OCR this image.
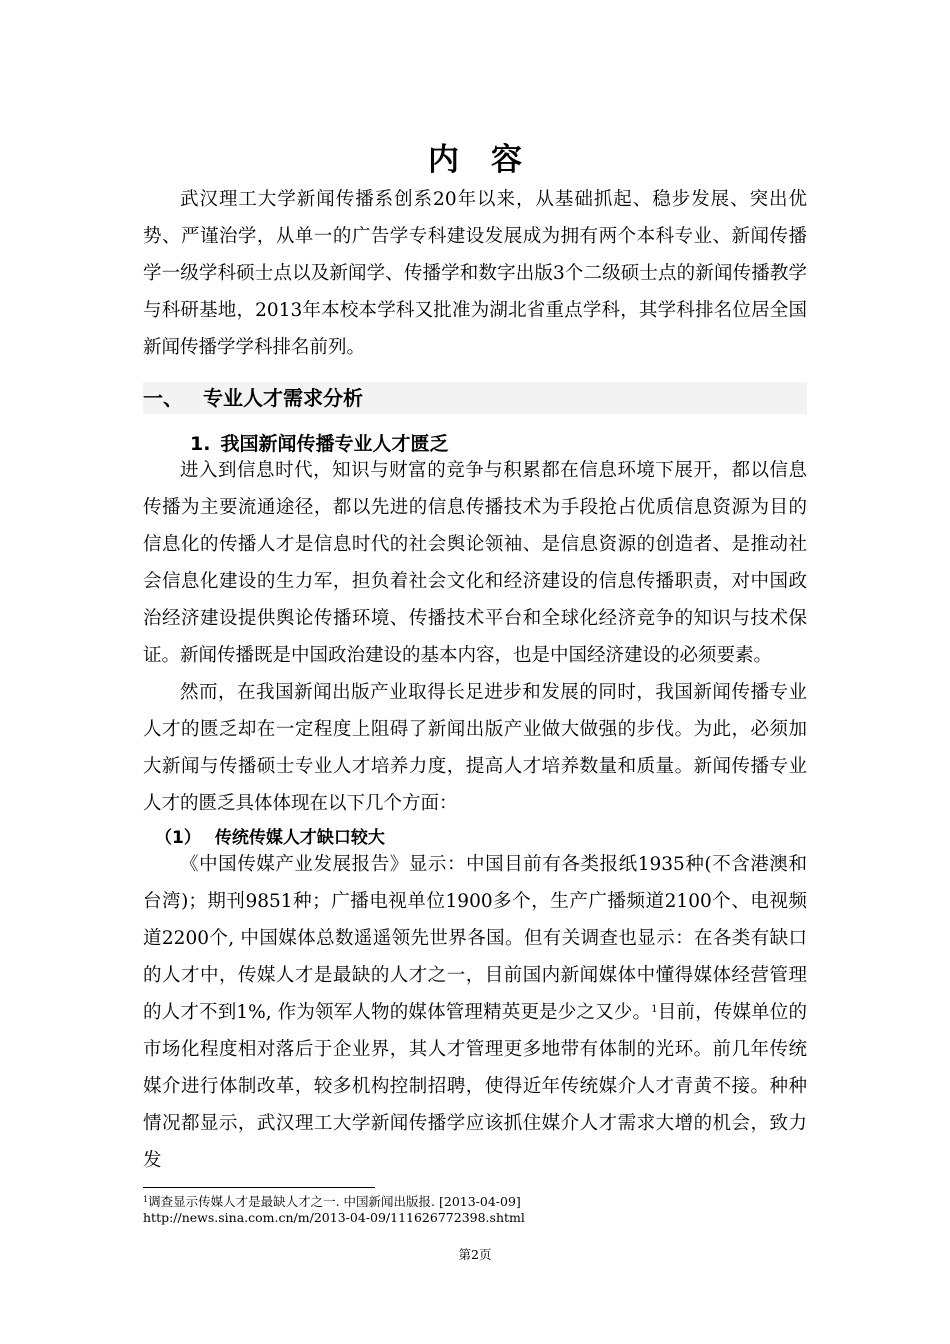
内容

武汉理工大学新闻传播系创系20年以来，从基础抓起、稳步发展、突出优势、严谨治学，从单一的广告学专科建设发展成为拥有两个本科专业、新闻传播学一级学科硕士点以及新闻学、传播学和数字出版3个二级硕士点的新闻传播教学与科研基地，2013年本校本学科又批准为湖北省重点学科，其学科排名位居全国新闻传播学学科排名前列。

一、 专业人才需求分析
1. 我国新闻传播专业人才匮乏

进入到信息时代，知识与财富的竞争与积累都在信息环境下展开，都以信息传播为主要流通途径，都以先进的信息传播技术为手段抢占优质信息资源为目的信息化的传播人才是信息时代的社会舆论领袖、是信息资源的创造者、是推动社会信息化建设的生力军，担负着社会文化和经济建设的信息传播职责，对中国政治经济建设提供舆论传播环境、传播技术平台和全球化经济竞争的知识与技术保证。新闻传播既是中国政治建设的基本内容，也是中国经济建设的必须要素。

然而，在我国新闻出版产业取得长足进步和发展的同时，我国新闻传播专业人才的匮乏却在一定程度上阻碍了新闻出版产业做大做强的步伐。为此，必须加大新闻与传播硕士专业人才培养力度，提高人才培养数量和质量。新闻传播专业人才的匮乏具体体现在以下几个方面：

（1） 传统传媒人才缺口较大

《中国传媒产业发展报告》显示：中国目前有各类报纸1935种(不含港澳和台湾)；期刊9851种；广播电视单位1900多个，生产广播频道2100个、电视频道2200个, 中国媒体总数遥遥领先世界各国。但有关调查也显示：在各类有缺口的人才中，传媒人才是最缺的人才之一，目前国内新闻媒体中懂得媒体经营管理的人才不到1%, 作为领军人物的媒体管理精英更是少之又少。$^1$目前，传媒单位的市场化程度相对落后于企业界，其人才管理更多地带有体制的光环。前几年传统媒介进行体制改革，较多机构控制招聘，使得近年传统媒介人才青黄不接。种种情况都显示，武汉理工大学新闻传播学应该抓住媒介人才需求大增的机会，致力发

$^1$调查显示传媒人才是最缺人才之一. 中国新闻出版报. [2013-04-09]
http://news.sina.com.cn/m/2013-04-09/111626772398.shtml
第2页
